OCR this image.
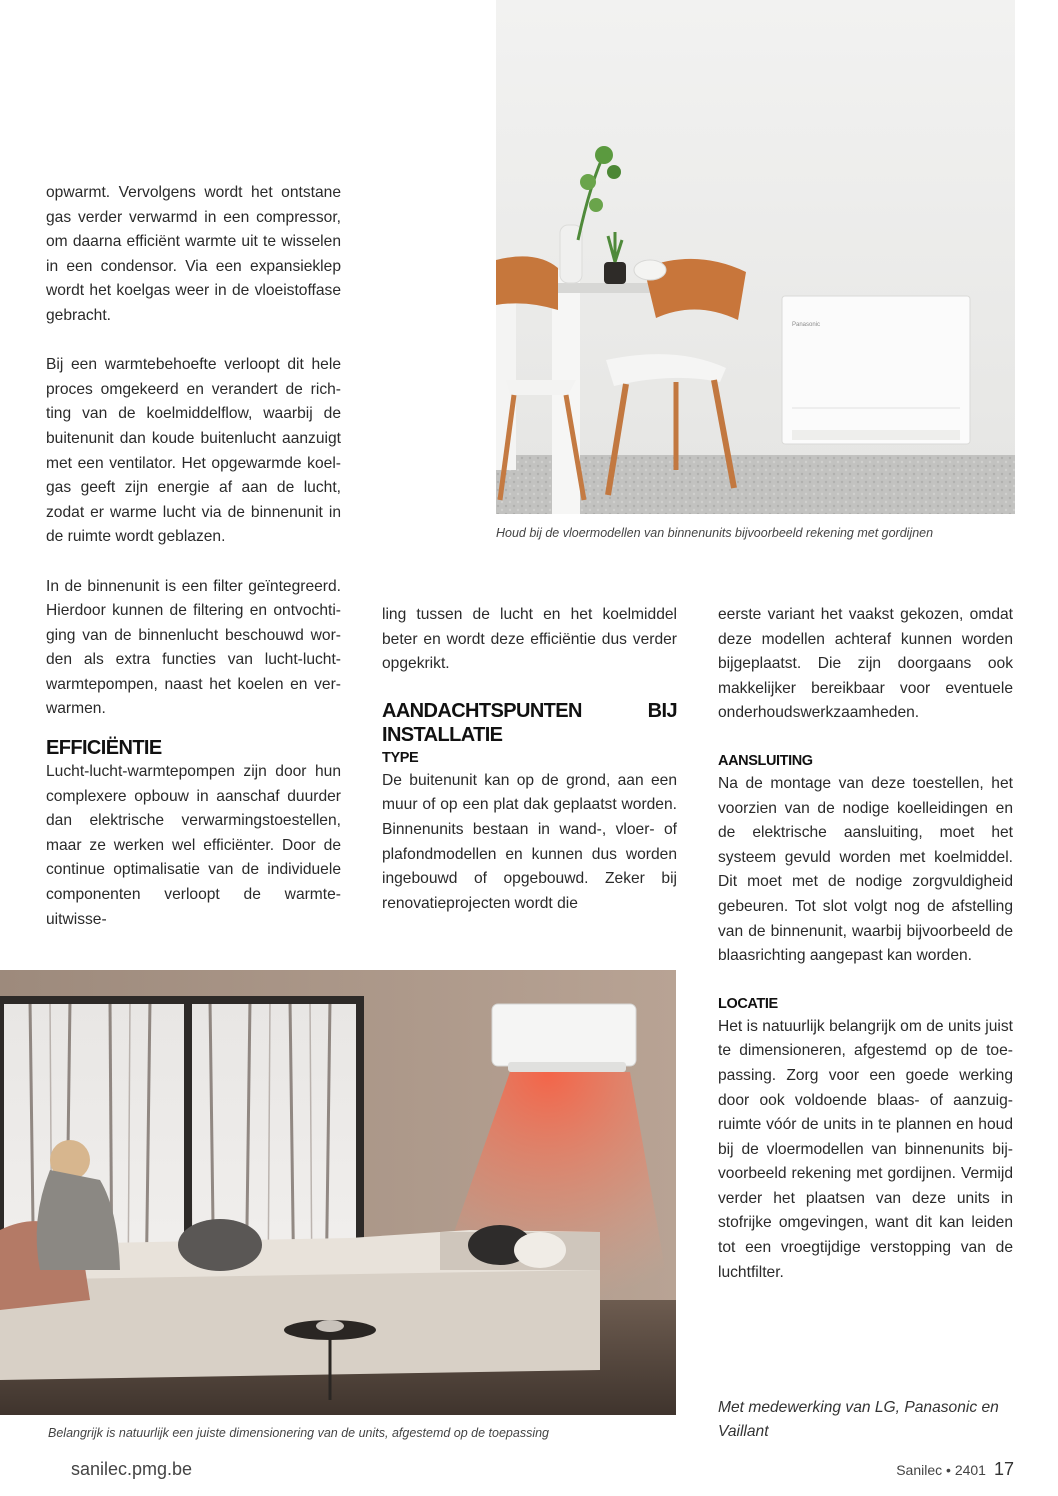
Panasonic

opwarmt. Vervolgens wordt het ontstane gas verder verwarmd in een compressor, om daarna efficiënt warmte uit te wisselen in een condensor. Via een expansieklep wordt het koelgas weer in de vloeistoffase gebracht.

Bij een warmtebehoefte verloopt dit hele proces omgekeerd en verandert de richting van de koelmiddelflow, waarbij de buitenunit dan koude buitenlucht aanzuigt met een ventilator. Het opgewarmde koelgas geeft zijn energie af aan de lucht, zodat er warme lucht via de binnenunit in de ruimte wordt geblazen.

In de binnenunit is een filter geïntegreerd. Hierdoor kunnen de filtering en ontvochtiging van de binnenlucht beschouwd worden als extra functies van lucht-luchtwarmtepompen, naast het koelen en verwarmen.

EFFICIËNTIE

Lucht-lucht-warmtepompen zijn door hun complexere opbouw in aanschaf duurder dan elektrische verwarmingstoestellen, maar ze werken wel efficiënter. Door de continue optimalisatie van de individuele componenten verloopt de warmte-uitwisse-

Houd bij de vloermodellen van binnenunits bijvoorbeeld rekening met gordijnen

ling tussen de lucht en het koelmiddel beter en wordt deze efficiëntie dus verder opgekrikt.

AANDACHTSPUNTEN BIJ INSTALLATIE
TYPE

De buitenunit kan op de grond, aan een muur of op een plat dak geplaatst worden. Binnenunits bestaan in wand-, vloer- of plafondmodellen en kunnen dus worden ingebouwd of opgebouwd. Zeker bij renovatieprojecten wordt die

eerste variant het vaakst gekozen, omdat deze modellen achteraf kunnen worden bijgeplaatst. Die zijn doorgaans ook makkelijker bereikbaar voor eventuele onderhoudswerkzaamheden.

AANSLUITING

Na de montage van deze toestellen, het voorzien van de nodige koelleidingen en de elektrische aansluiting, moet het systeem gevuld worden met koelmiddel. Dit moet met de nodige zorgvuldigheid gebeuren. Tot slot volgt nog de afstelling van de binnenunit, waarbij bijvoorbeeld de blaasrichting aangepast kan worden.

LOCATIE

Het is natuurlijk belangrijk om de units juist te dimensioneren, afgestemd op de toepassing. Zorg voor een goede werking door ook voldoende blaas- of aanzuigruimte vóór de units in te plannen en houd bij de vloermodellen van binnenunits bijvoorbeeld rekening met gordijnen. Vermijd verder het plaatsen van deze units in stofrijke omgevingen, want dit kan leiden tot een vroegtijdige verstopping van de luchtfilter.

Belangrijk is natuurlijk een juiste dimensionering van de units, afgestemd op de toepassing
Met medewerking van LG, Panasonic en Vaillant
sanilec.pmg.be	Sanilec • 2401 17
